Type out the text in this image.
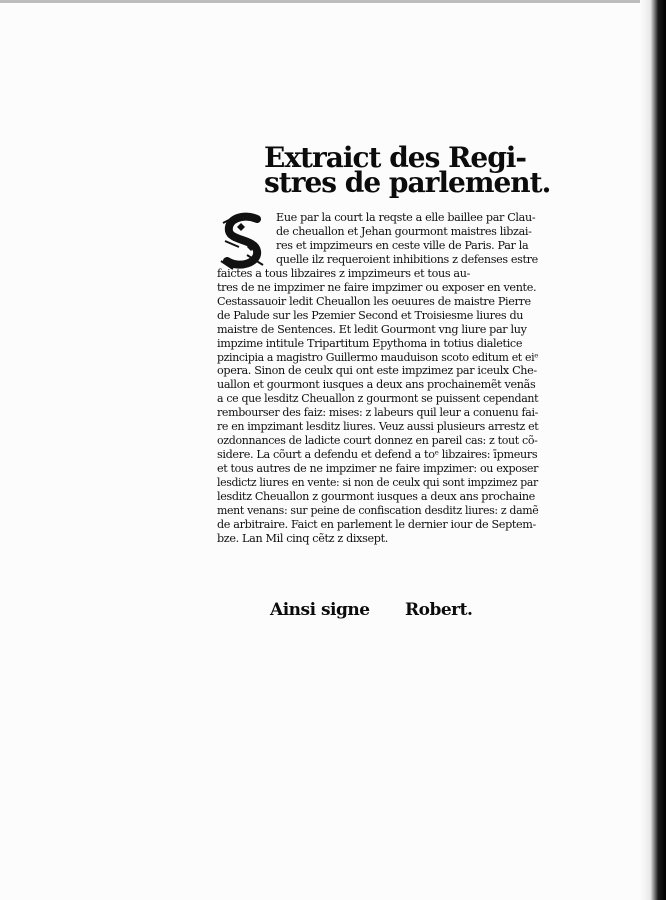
Extraict des Regi-
stres de parlement.
Eue par la court la reqste a elle baillee par Clau-
de cheuallon et Jehan gourmont maistres libzai-
res et impzimeurs en ceste ville de Paris. Par la
quelle ilz requeroient inhibitions z defenses estre
faictes a tous libzaires z impzimeurs et tous au-
tres de ne impzimer ne faire impzimer ou exposer en vente.
Cestassauoir ledit Cheuallon les oeuures de maistre Pierre
de Palude sur les Pzemier Second et Troisiesme liures du
maistre de Sentences. Et ledit Gourmont vng liure par luy
impzime intitule Tripartitum Epythoma in totius dialetice
pzincipia a magistro Guillermo mauduison scoto editum et eiᵉ
opera. Sinon de ceulx qui ont este impzimez par iceulx Che-
uallon et gourmont iusques a deux ans prochainemẽt venãs
a ce que lesditz Cheuallon z gourmont se puissent cependant
rembourser des faiz: mises: z labeurs quil leur a conuenu fai-
re en impzimant lesditz liures. Veuz aussi plusieurs arrestz et
ozdonnances de ladicte court donnez en pareil cas: z tout cõ-
sidere. La cõurt a defendu et defend a toᵉ libzaires: īpmeurs
et tous autres de ne impzimer ne faire impzimer: ou exposer
lesdictz liures en vente: si non de ceulx qui sont impzimez par
lesditz Cheuallon z gourmont iusques a deux ans prochaine
ment venans: sur peine de confiscation desditz liures: z damẽ
de arbitraire. Faict en parlement le dernier iour de Septem-
bze. Lan Mil cinq cẽtz z dixsept.
Ainsi signe Robert.
